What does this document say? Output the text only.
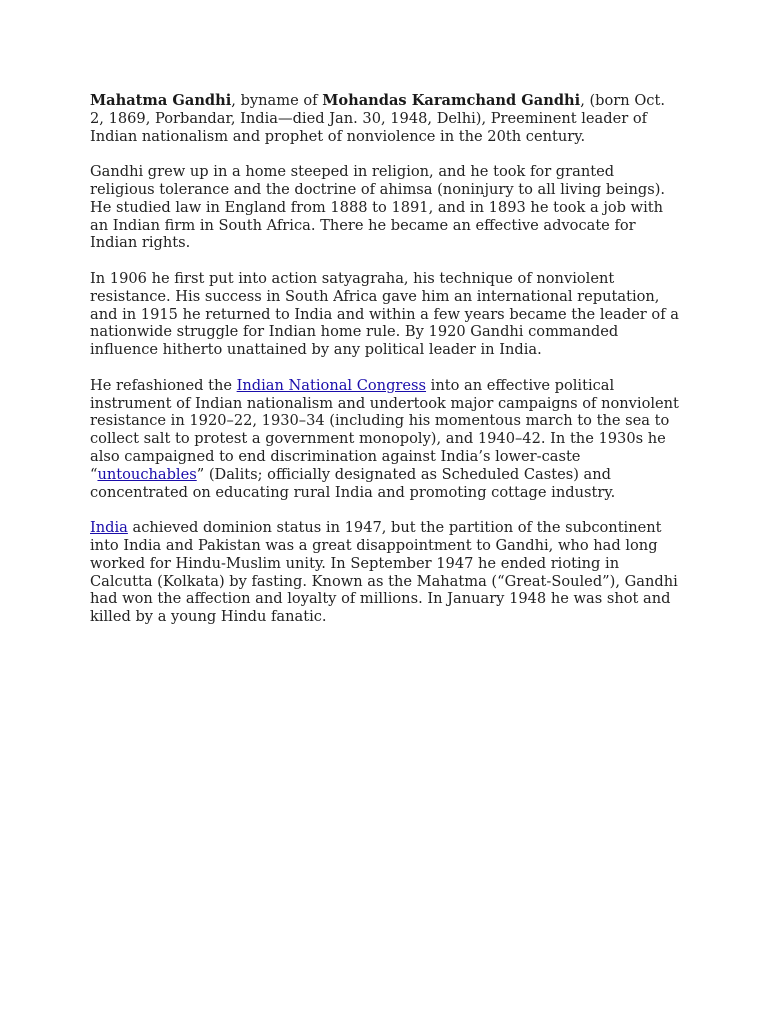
Mahatma Gandhi, byname of Mohandas Karamchand Gandhi, (born Oct. 2, 1869, Porbandar, India—died Jan. 30, 1948, Delhi), Preeminent leader of Indian nationalism and prophet of nonviolence in the 20th century.

Gandhi grew up in a home steeped in religion, and he took for granted religious tolerance and the doctrine of ahimsa (noninjury to all living beings). He studied law in England from 1888 to 1891, and in 1893 he took a job with an Indian firm in South Africa. There he became an effective advocate for Indian rights.

In 1906 he first put into action satyagraha, his technique of nonviolent resistance. His success in South Africa gave him an international reputation, and in 1915 he returned to India and within a few years became the leader of a nationwide struggle for Indian home rule. By 1920 Gandhi commanded influence hitherto unattained by any political leader in India.

He refashioned the Indian National Congress into an effective political instrument of Indian nationalism and undertook major campaigns of nonviolent resistance in 1920–22, 1930–34 (including his momentous march to the sea to collect salt to protest a government monopoly), and 1940–42. In the 1930s he also campaigned to end discrimination against India’s lower-caste “untouchables” (Dalits; officially designated as Scheduled Castes) and concentrated on educating rural India and promoting cottage industry.

India achieved dominion status in 1947, but the partition of the subcontinent into India and Pakistan was a great disappointment to Gandhi, who had long worked for Hindu-Muslim unity. In September 1947 he ended rioting in Calcutta (Kolkata) by fasting. Known as the Mahatma (“Great-Souled”), Gandhi had won the affection and loyalty of millions. In January 1948 he was shot and killed by a young Hindu fanatic.
